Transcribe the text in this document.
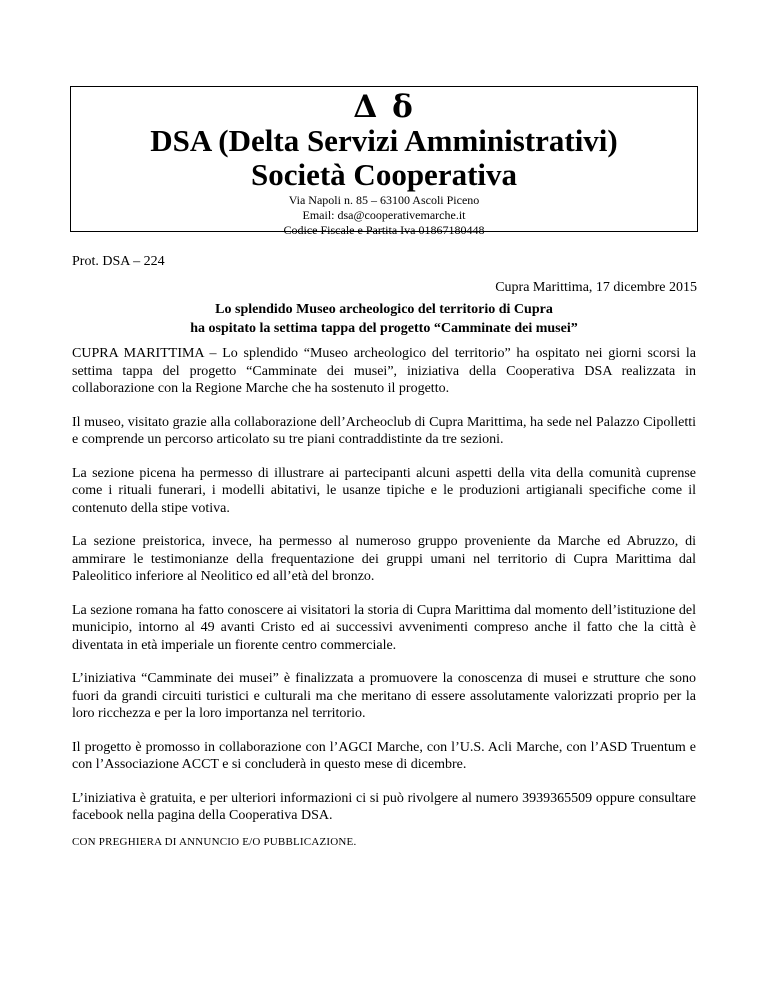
Δ δ
DSA (Delta Servizi Amministrativi)
Società Cooperativa
Via Napoli n. 85 – 63100 Ascoli Piceno
Email: dsa@cooperativemarche.it
Codice Fiscale e Partita Iva 01867180448
Prot. DSA – 224
Cupra Marittima, 17 dicembre 2015
Lo splendido Museo archeologico del territorio di Cupra
ha ospitato la settima tappa del progetto “Camminate dei musei”

CUPRA MARITTIMA – Lo splendido “Museo archeologico del territorio” ha ospitato nei giorni scorsi la settima tappa del progetto “Camminate dei musei”, iniziativa della Cooperativa DSA realizzata in collaborazione con la Regione Marche che ha sostenuto il progetto.

Il museo, visitato grazie alla collaborazione dell’Archeoclub di Cupra Marittima, ha sede nel Palazzo Cipolletti e comprende un percorso articolato su tre piani contraddistinte da tre sezioni.

La sezione picena ha permesso di illustrare ai partecipanti alcuni aspetti della vita della comunità cuprense come i rituali funerari, i modelli abitativi, le usanze tipiche e le produzioni artigianali specifiche come il contenuto della stipe votiva.

La sezione preistorica, invece, ha permesso al numeroso gruppo proveniente da Marche ed Abruzzo, di ammirare le testimonianze della frequentazione dei gruppi umani nel territorio di Cupra Marittima dal Paleolitico inferiore al Neolitico ed all’età del bronzo.

La sezione romana ha fatto conoscere ai visitatori la storia di Cupra Marittima dal momento dell’istituzione del municipio, intorno al 49 avanti Cristo ed ai successivi avvenimenti compreso anche il fatto che la città è diventata in età imperiale un fiorente centro commerciale.

L’iniziativa “Camminate dei musei” è finalizzata a promuovere la conoscenza di musei e strutture che sono fuori da grandi circuiti turistici e culturali ma che meritano di essere assolutamente valorizzati proprio per la loro ricchezza e per la loro importanza nel territorio.

Il progetto è promosso in collaborazione con l’AGCI Marche, con l’U.S. Acli Marche, con l’ASD Truentum e con l’Associazione ACCT e si concluderà in questo mese di dicembre.

L’iniziativa è gratuita, e per ulteriori informazioni ci si può rivolgere al numero 3939365509 oppure consultare facebook nella pagina della Cooperativa DSA.

CON PREGHIERA DI ANNUNCIO E/O PUBBLICAZIONE.
